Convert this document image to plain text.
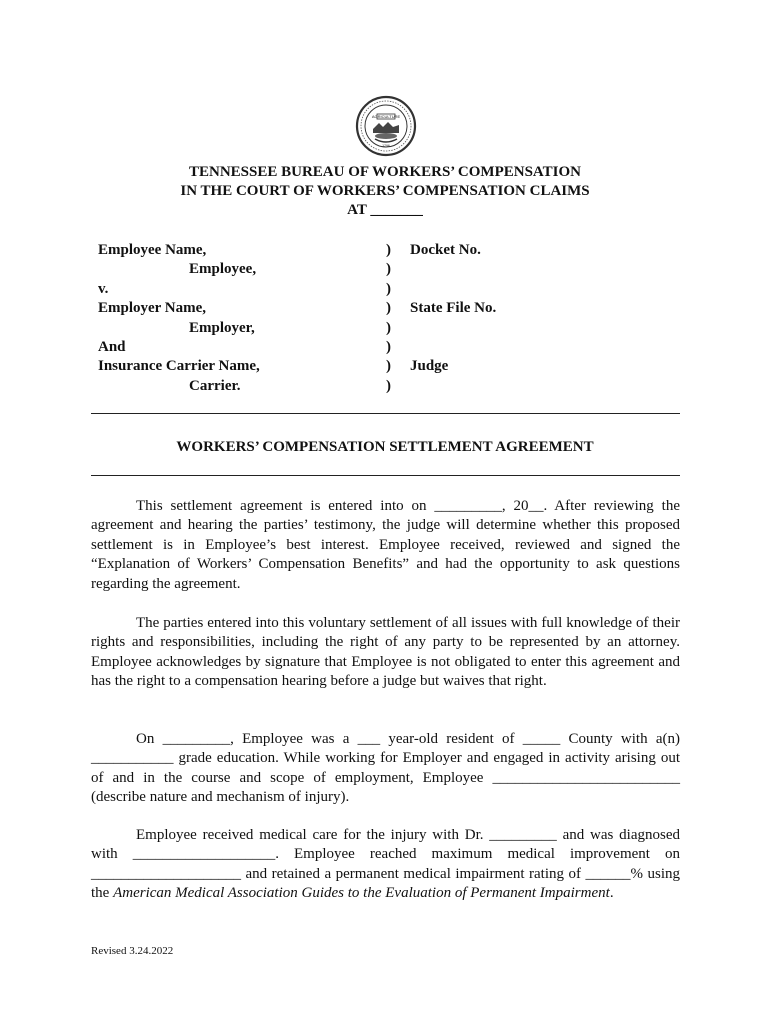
AGRICULTURE
1796
TENNESSEE BUREAU OF WORKERS’ COMPENSATION
IN THE COURT OF WORKERS’ COMPENSATION CLAIMS
AT _______
Employee Name,
Employee,
v.
Employer Name,
Employer,
And
Insurance Carrier Name,
Carrier.
)
)
)
)
)
)
)
)
Docket No.
State File No.
Judge
WORKERS’ COMPENSATION SETTLEMENT AGREEMENT

This settlement agreement is entered into on _________, 20__. After reviewing the agreement and hearing the parties’ testimony, the judge will determine whether this proposed settlement is in Employee’s best interest. Employee received, reviewed and signed the “Explanation of Workers’ Compensation Benefits” and had the opportunity to ask questions regarding the agreement.

The parties entered into this voluntary settlement of all issues with full knowledge of their rights and responsibilities, including the right of any party to be represented by an attorney. Employee acknowledges by signature that Employee is not obligated to enter this agreement and has the right to a compensation hearing before a judge but waives that right.

On _________, Employee was a ___ year-old resident of _____ County with a(n) ___________ grade education. While working for Employer and engaged in activity arising out of and in the course and scope of employment, Employee _________________________ (describe nature and mechanism of injury).

Employee received medical care for the injury with Dr. _________ and was diagnosed with ___________________. Employee reached maximum medical improvement on ____________________ and retained a permanent medical impairment rating of ______% using the American Medical Association Guides to the Evaluation of Permanent Impairment.

Revised 3.24.2022
